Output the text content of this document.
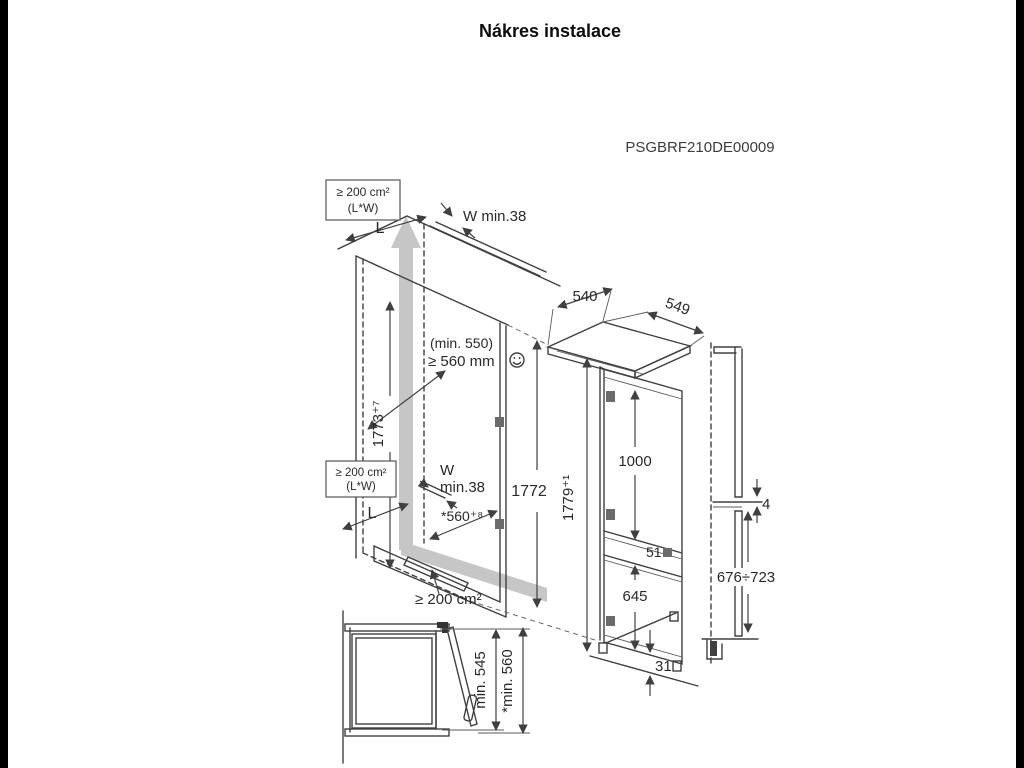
Nákres instalace
PSGBRF210DE00009
≥ 200 cm²
(L*W)
L
W min.38
(min. 550)
≥ 560 mm
1773⁺⁷
≥ 200 cm²
(L*W)
W
min.38
L	*560⁺⁸
1772
≥ 200 cm²
540	549
1779⁺¹
1000
51
645
31
4
676÷723
min. 545 *min. 560
